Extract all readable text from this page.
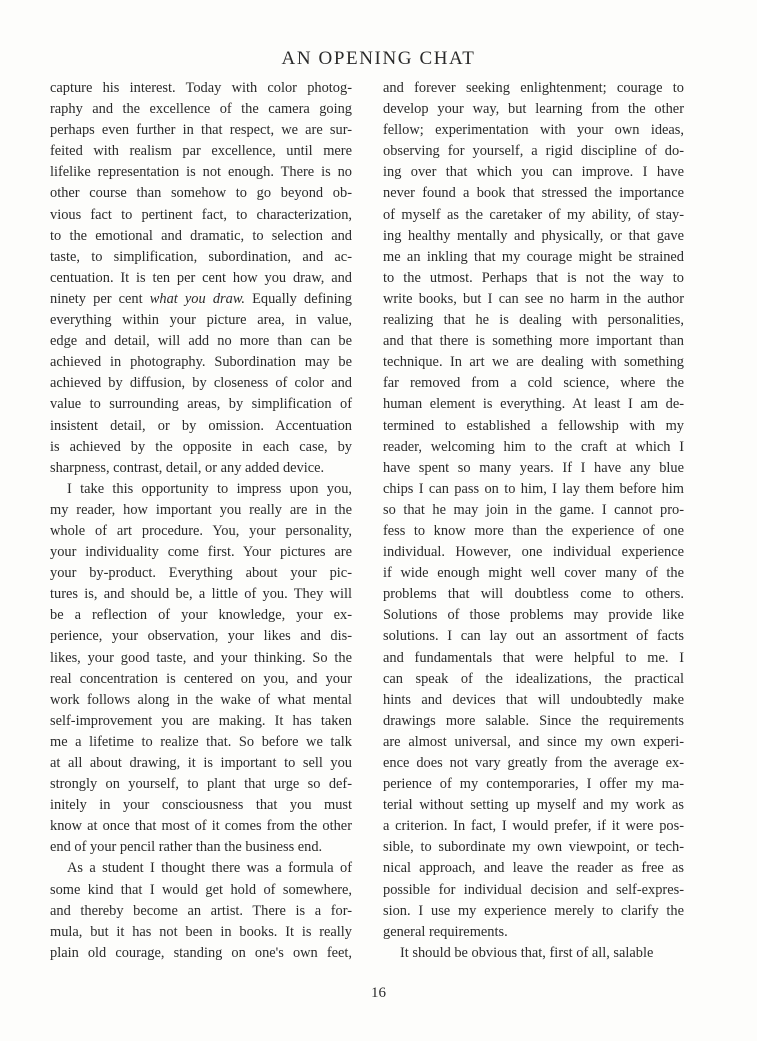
AN OPENING CHAT
capture his interest. Today with color photog-
raphy and the excellence of the camera going
perhaps even further in that respect, we are sur-
feited with realism par excellence, until mere
lifelike representation is not enough. There is no
other course than somehow to go beyond ob-
vious fact to pertinent fact, to characterization,
to the emotional and dramatic, to selection and
taste, to simplification, subordination, and ac-
centuation. It is ten per cent how you draw, and
ninety per cent what you draw. Equally defining
everything within your picture area, in value,
edge and detail, will add no more than can be
achieved in photography. Subordination may be
achieved by diffusion, by closeness of color and
value to surrounding areas, by simplification of
insistent detail, or by omission. Accentuation
is achieved by the opposite in each case, by
sharpness, contrast, detail, or any added device.
I take this opportunity to impress upon you,
my reader, how important you really are in the
whole of art procedure. You, your personality,
your individuality come first. Your pictures are
your by-product. Everything about your pic-
tures is, and should be, a little of you. They will
be a reflection of your knowledge, your ex-
perience, your observation, your likes and dis-
likes, your good taste, and your thinking. So the
real concentration is centered on you, and your
work follows along in the wake of what mental
self-improvement you are making. It has taken
me a lifetime to realize that. So before we talk
at all about drawing, it is important to sell you
strongly on yourself, to plant that urge so def-
initely in your consciousness that you must
know at once that most of it comes from the other
end of your pencil rather than the business end.
As a student I thought there was a formula of
some kind that I would get hold of somewhere,
and thereby become an artist. There is a for-
mula, but it has not been in books. It is really
plain old courage, standing on one's own feet,
and forever seeking enlightenment; courage to
develop your way, but learning from the other
fellow; experimentation with your own ideas,
observing for yourself, a rigid discipline of do-
ing over that which you can improve. I have
never found a book that stressed the importance
of myself as the caretaker of my ability, of stay-
ing healthy mentally and physically, or that gave
me an inkling that my courage might be strained
to the utmost. Perhaps that is not the way to
write books, but I can see no harm in the author
realizing that he is dealing with personalities,
and that there is something more important than
technique. In art we are dealing with something
far removed from a cold science, where the
human element is everything. At least I am de-
termined to established a fellowship with my
reader, welcoming him to the craft at which I
have spent so many years. If I have any blue
chips I can pass on to him, I lay them before him
so that he may join in the game. I cannot pro-
fess to know more than the experience of one
individual. However, one individual experience
if wide enough might well cover many of the
problems that will doubtless come to others.
Solutions of those problems may provide like
solutions. I can lay out an assortment of facts
and fundamentals that were helpful to me. I
can speak of the idealizations, the practical
hints and devices that will undoubtedly make
drawings more salable. Since the requirements
are almost universal, and since my own experi-
ence does not vary greatly from the average ex-
perience of my contemporaries, I offer my ma-
terial without setting up myself and my work as
a criterion. In fact, I would prefer, if it were pos-
sible, to subordinate my own viewpoint, or tech-
nical approach, and leave the reader as free as
possible for individual decision and self-expres-
sion. I use my experience merely to clarify the
general requirements.
It should be obvious that, first of all, salable
16
